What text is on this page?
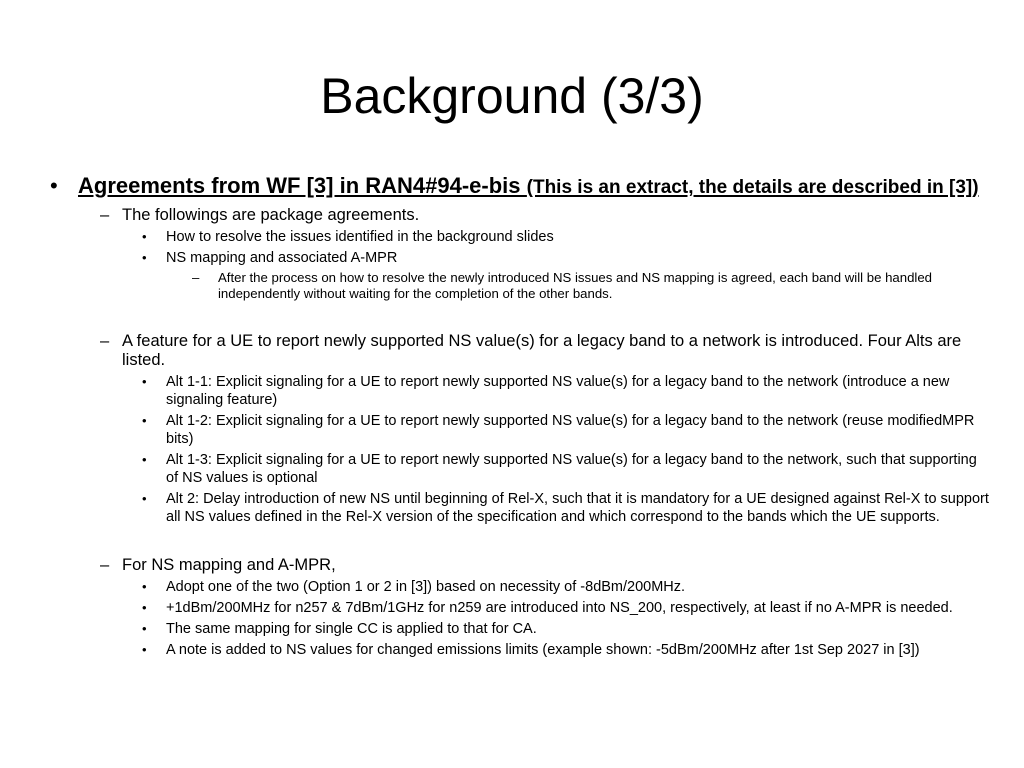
Background (3/3)
• Agreements from WF [3] in RAN4#94-e-bis (This is an extract, the details are described in [3])
– The followings are package agreements.
• How to resolve the issues identified in the background slides
• NS mapping and associated A-MPR
– After the process on how to resolve the newly introduced NS issues and NS mapping is agreed, each band will be handled independently without waiting for the completion of the other bands.
– A feature for a UE to report newly supported NS value(s) for a legacy band to a network is introduced. Four Alts are listed.
• Alt 1-1: Explicit signaling for a UE to report newly supported NS value(s) for a legacy band to the network (introduce a new signaling feature)
• Alt 1-2: Explicit signaling for a UE to report newly supported NS value(s) for a legacy band to the network (reuse modifiedMPR bits)
• Alt 1-3: Explicit signaling for a UE to report newly supported NS value(s) for a legacy band to the network, such that supporting of NS values is optional
• Alt 2: Delay introduction of new NS until beginning of Rel-X, such that it is mandatory for a UE designed against Rel-X to support all NS values defined in the Rel-X version of the specification and which correspond to the bands which the UE supports.
– For NS mapping and A-MPR,
• Adopt one of the two (Option 1 or 2 in [3]) based on necessity of -8dBm/200MHz.
• +1dBm/200MHz for n257 & 7dBm/1GHz for n259 are introduced into NS_200, respectively, at least if no A-MPR is needed.
• The same mapping for single CC is applied to that for CA.
• A note is added to NS values for changed emissions limits (example shown: -5dBm/200MHz after 1st Sep 2027 in [3])
